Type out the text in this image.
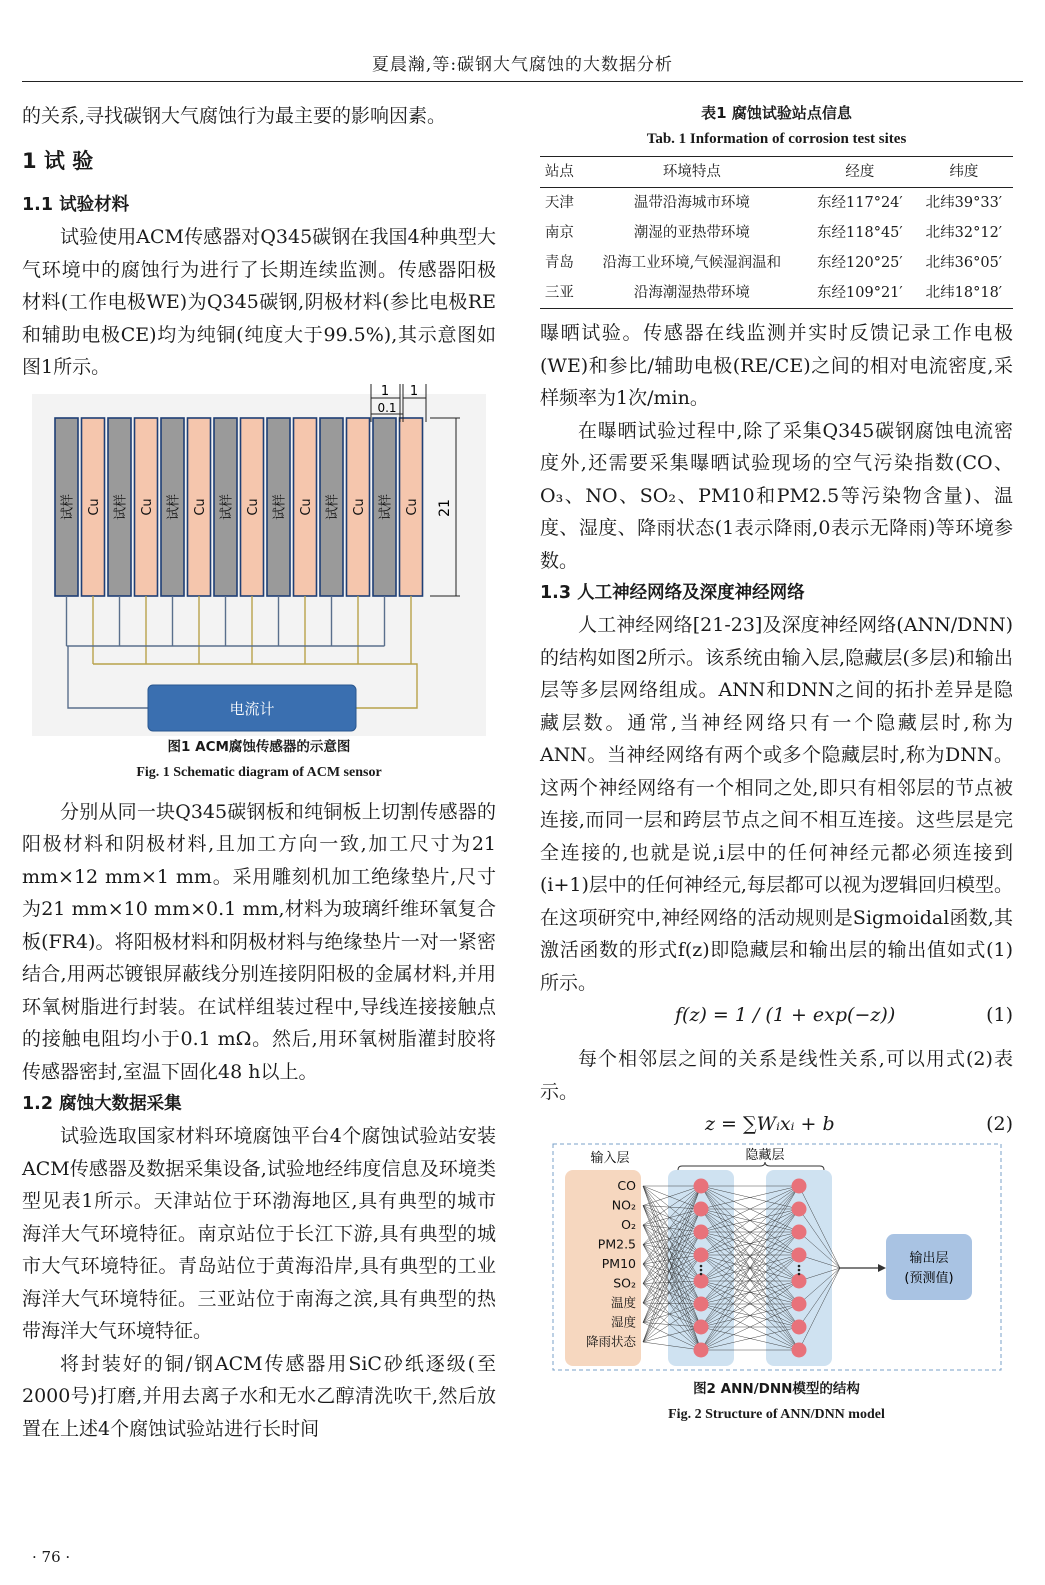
夏晨瀚,等:碳钢大气腐蚀的大数据分析

的关系,寻找碳钢大气腐蚀行为最主要的影响因素。

1 试 验
1.1 试验材料

试验使用ACM传感器对Q345碳钢在我国4种典型大气环境中的腐蚀行为进行了长期连续监测。传感器阳极材料(工作电极WE)为Q345碳钢,阴极材料(参比电极RE和辅助电极CE)均为纯铜(纯度大于99.5%),其示意图如图1所示。

试样 Cu 试样 Cu 试样 Cu 试样 Cu 试样 Cu 试样 Cu 试样 Cu
电流计
1 1
0.1
21
图1 ACM腐蚀传感器的示意图
Fig. 1 Schematic diagram of ACM sensor

分别从同一块Q345碳钢板和纯铜板上切割传感器的阳极材料和阴极材料,且加工方向一致,加工尺寸为21 mm×12 mm×1 mm。采用雕刻机加工绝缘垫片,尺寸为21 mm×10 mm×0.1 mm,材料为玻璃纤维环氧复合板(FR4)。将阳极材料和阴极材料与绝缘垫片一对一紧密结合,用两芯镀银屏蔽线分别连接阴阳极的金属材料,并用环氧树脂进行封装。在试样组装过程中,导线连接接触点的接触电阻均小于0.1 mΩ。然后,用环氧树脂灌封胶将传感器密封,室温下固化48 h以上。

1.2 腐蚀大数据采集

试验选取国家材料环境腐蚀平台4个腐蚀试验站安装ACM传感器及数据采集设备,试验地经纬度信息及环境类型见表1所示。天津站位于环渤海地区,具有典型的城市海洋大气环境特征。南京站位于长江下游,具有典型的城市大气环境特征。青岛站位于黄海沿岸,具有典型的工业海洋大气环境特征。三亚站位于南海之滨,具有典型的热带海洋大气环境特征。

将封装好的铜/钢ACM传感器用SiC砂纸逐级(至2000号)打磨,并用去离子水和无水乙醇清洗吹干,然后放置在上述4个腐蚀试验站进行长时间

表1 腐蚀试验站点信息
Tab. 1 Information of corrosion test sites
站点	环境特点	经度	纬度
天津	温带沿海城市环境	东经117°24′	北纬39°33′
南京	潮湿的亚热带环境	东经118°45′	北纬32°12′
青岛	沿海工业环境,气候湿润温和	东经120°25′	北纬36°05′
三亚	沿海潮湿热带环境	东经109°21′	北纬18°18′

曝晒试验。传感器在线监测并实时反馈记录工作电极(WE)和参比/辅助电极(RE/CE)之间的相对电流密度,采样频率为1次/min。

在曝晒试验过程中,除了采集Q345碳钢腐蚀电流密度外,还需要采集曝晒试验现场的空气污染指数(CO、O₃、NO、SO₂、PM10和PM2.5等污染物含量)、温度、湿度、降雨状态(1表示降雨,0表示无降雨)等环境参数。

1.3 人工神经网络及深度神经网络

人工神经网络[21-23]及深度神经网络(ANN/DNN)的结构如图2所示。该系统由输入层,隐藏层(多层)和输出层等多层网络组成。ANN和DNN之间的拓扑差异是隐藏层数。通常,当神经网络只有一个隐藏层时,称为ANN。当神经网络有两个或多个隐藏层时,称为DNN。这两个神经网络有一个相同之处,即只有相邻层的节点被连接,而同一层和跨层节点之间不相互连接。这些层是完全连接的,也就是说,i层中的任何神经元都必须连接到(i+1)层中的任何神经元,每层都可以视为逻辑回归模型。在这项研究中,神经网络的活动规则是Sigmoidal函数,其激活函数的形式f(z)即隐藏层和输出层的输出值如式(1)所示。

f(z) = 1 / (1 + exp(−z))	(1)

每个相邻层之间的关系是线性关系,可以用式(2)表示。

z = ∑Wᵢxᵢ + b	(2)
输入层	隐藏层
CO
NO₂
O₂
PM2.5
PM10
SO₂
温度
湿度
降雨状态
输出层
(预测值)
图2 ANN/DNN模型的结构
Fig. 2 Structure of ANN/DNN model
· 76 ·
